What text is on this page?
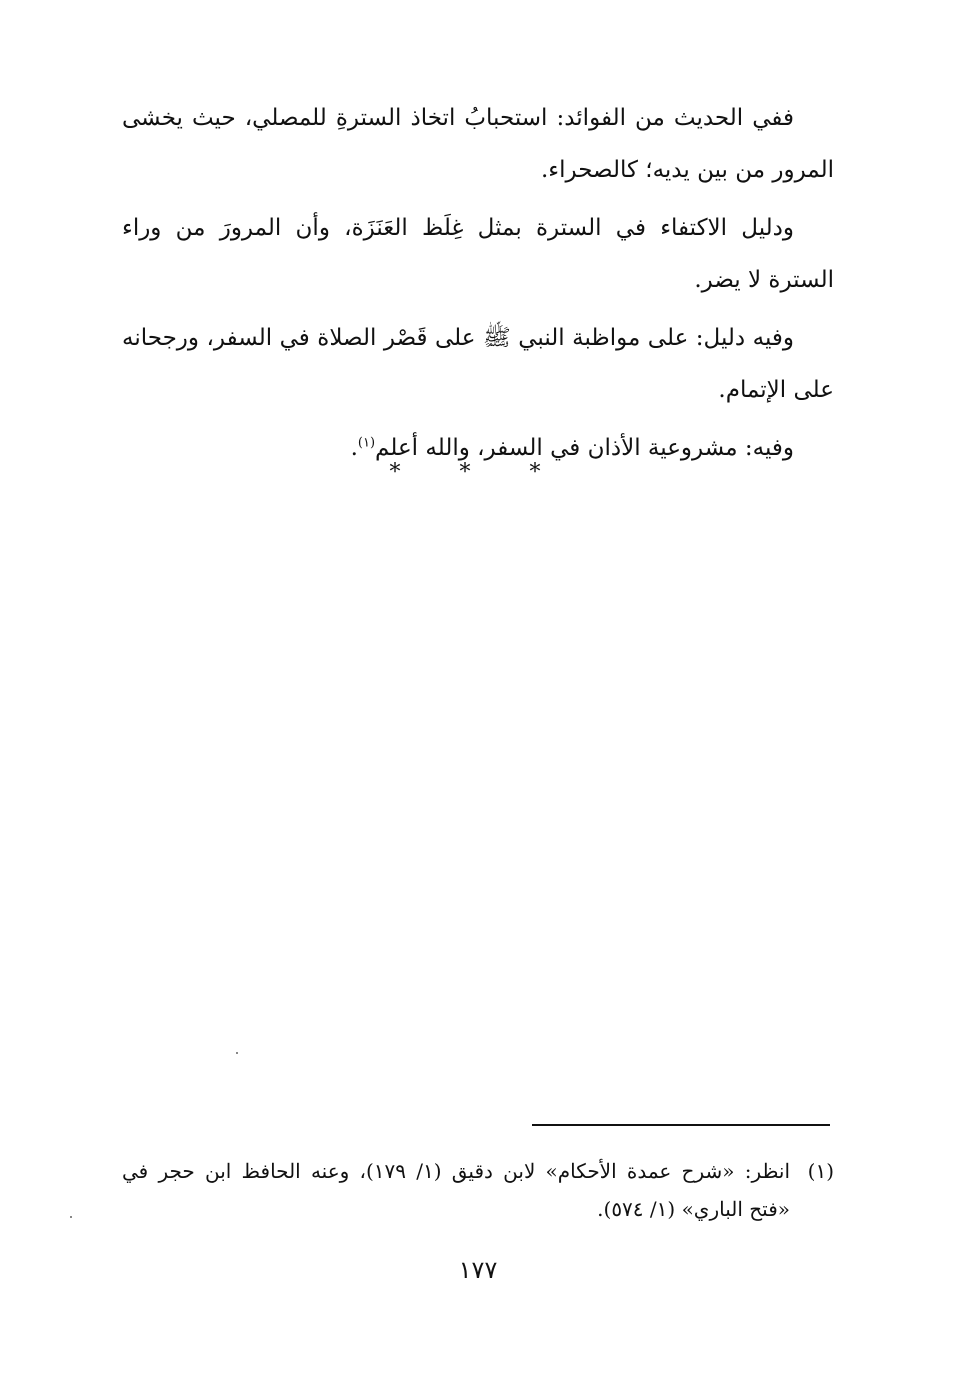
ففي الحديث من الفوائد: استحبابُ اتخاذ السترةِ للمصلي، حيث يخشى المرور من بين يديه؛ كالصحراء.

ودليل الاكتفاء في السترة بمثل غِلَظ العَنَزَة، وأن المرورَ من وراء السترة لا يضر.

وفيه دليل: على مواظبة النبي ﷺ على قَصْر الصلاة في السفر، ورجحانه على الإتمام.

وفيه: مشروعية الأذان في السفر، والله أعلم$^{(١)}$.

* * *
(١)
انظر: «شرح عمدة الأحكام» لابن دقيق (١/ ١٧٩)، وعنه الحافظ ابن حجر في «فتح الباري» (١/ ٥٧٤).
١٧٧
